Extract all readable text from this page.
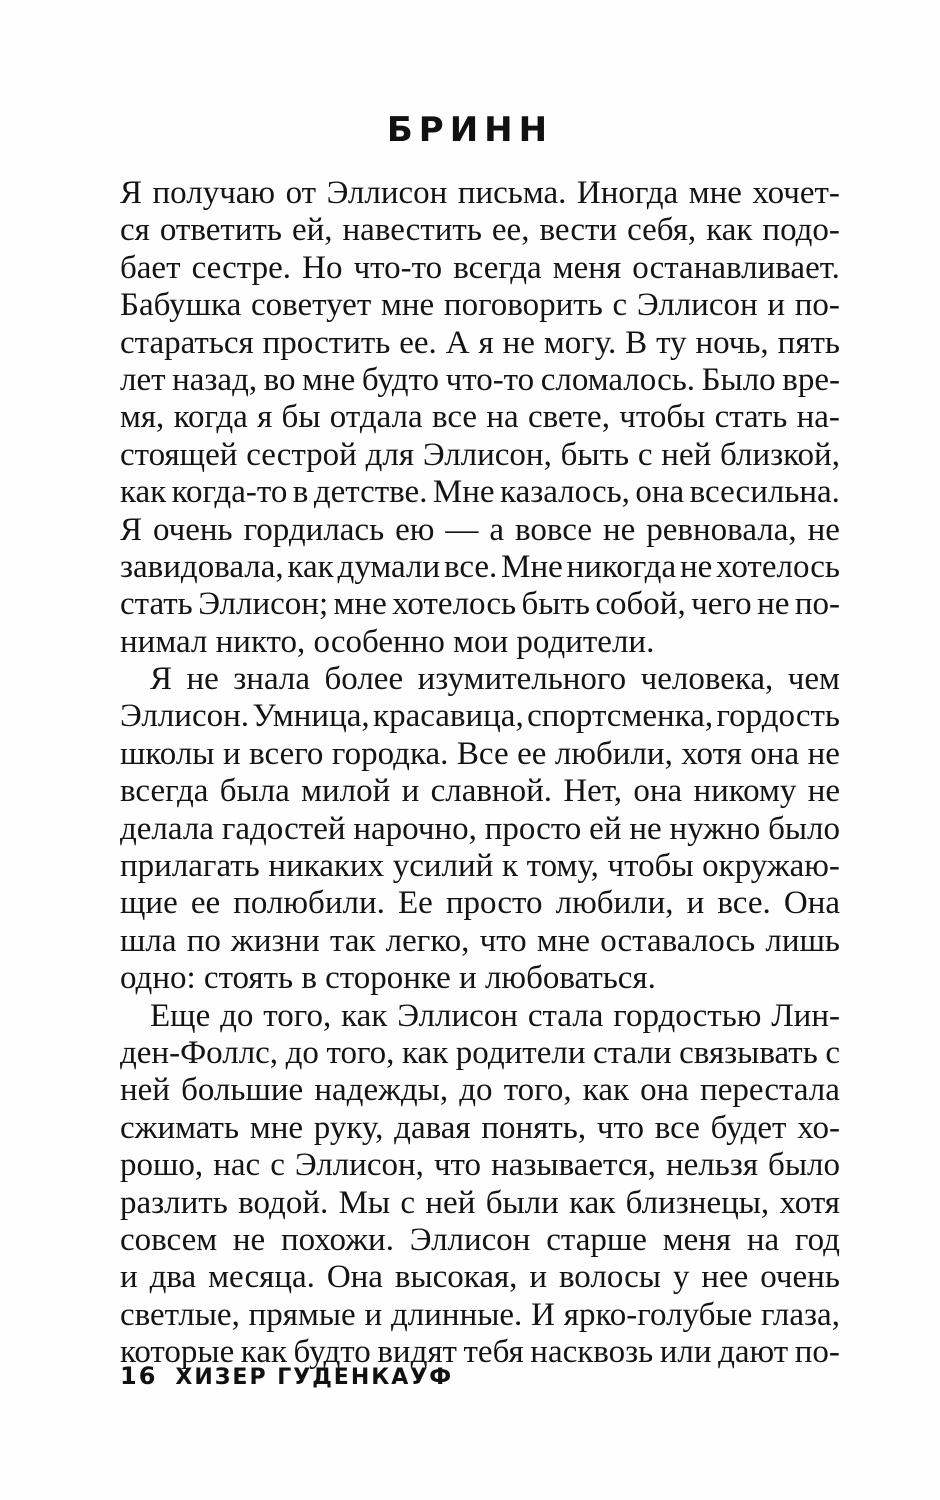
БРИНН
Я получаю от Эллисон письма. Иногда мне хочет-
ся ответить ей, навестить ее, вести себя, как подо-
бает сестре. Но что-то всегда меня останавливает.
Бабушка советует мне поговорить с Эллисон и по-
стараться простить ее. А я не могу. В ту ночь, пять
лет назад, во мне будто что-то сломалось. Было вре-
мя, когда я бы отдала все на свете, чтобы стать на-
стоящей сестрой для Эллисон, быть с ней близкой,
как когда-то в детстве. Мне казалось, она всесильна.
Я очень гордилась ею — а вовсе не ревновала, не
завидовала, как думали все. Мне никогда не хотелось
стать Эллисон; мне хотелось быть собой, чего не по-
нимал никто, особенно мои родители.
Я не знала более изумительного человека, чем
Эллисон. Умница, красавица, спортсменка, гордость
школы и всего городка. Все ее любили, хотя она не
всегда была милой и славной. Нет, она никому не
делала гадостей нарочно, просто ей не нужно было
прилагать никаких усилий к тому, чтобы окружаю-
щие ее полюбили. Ее просто любили, и все. Она
шла по жизни так легко, что мне оставалось лишь
одно: стоять в сторонке и любоваться.
Еще до того, как Эллисон стала гордостью Лин-
ден-Фоллс, до того, как родители стали связывать с
ней большие надежды, до того, как она перестала
сжимать мне руку, давая понять, что все будет хо-
рошо, нас с Эллисон, что называется, нельзя было
разлить водой. Мы с ней были как близнецы, хотя
совсем не похожи. Эллисон старше меня на год
и два месяца. Она высокая, и волосы у нее очень
светлые, прямые и длинные. И ярко-голубые глаза,
которые как будто видят тебя насквозь или дают по-
16 ХИЗЕР ГУДЕНКАУФ
